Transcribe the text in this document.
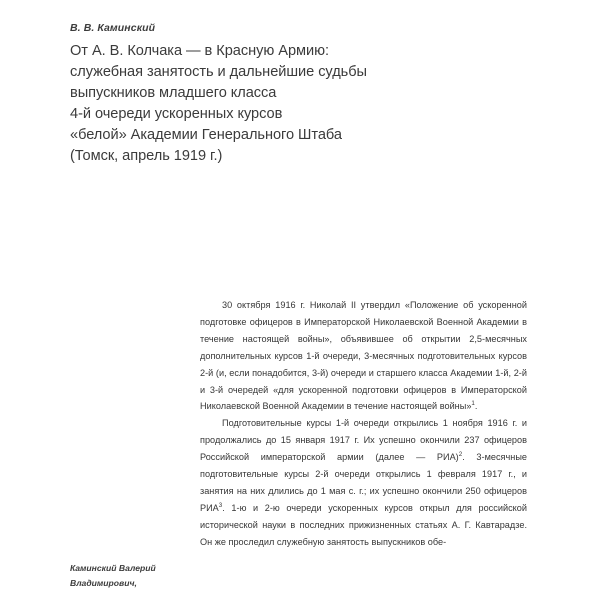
В. В. Каминский
От А. В. Колчака — в Красную Армию:
служебная занятость и дальнейшие судьбы
выпускников младшего класса
4-й очереди ускоренных курсов
«белой» Академии Генерального Штаба
(Томск, апрель 1919 г.)

30 октября 1916 г. Николай II утвердил «Положение об ускоренной подготовке офицеров в Императорской Николаевской Военной Академии в течение настоящей войны», объявившее об открытии 2,5-месячных дополнительных курсов 1-й очереди, 3-месячных подготовительных курсов 2-й (и, если понадобится, 3-й) очереди и старшего класса Академии 1-й, 2-й и 3-й очередей «для ускоренной подготовки офицеров в Императорской Николаевской Военной Академии в течение настоящей войны»$^1$.

Подготовительные курсы 1-й очереди открылись 1 ноября 1916 г. и продолжались до 15 января 1917 г. Их успешно окончили 237 офицеров Российской императорской армии (далее — РИА)$^2$. 3-месячные подготовительные курсы 2-й очереди открылись 1 февраля 1917 г., и занятия на них длились до 1 мая с. г.; их успешно окончили 250 офицеров РИА$^3$. 1-ю и 2-ю очереди ускоренных курсов открыл для российской исторической науки в последних прижизненных статьях А. Г. Кавтарадзе. Он же проследил служебную занятость выпускников обе-

Каминский Валерий
Владимирович,
